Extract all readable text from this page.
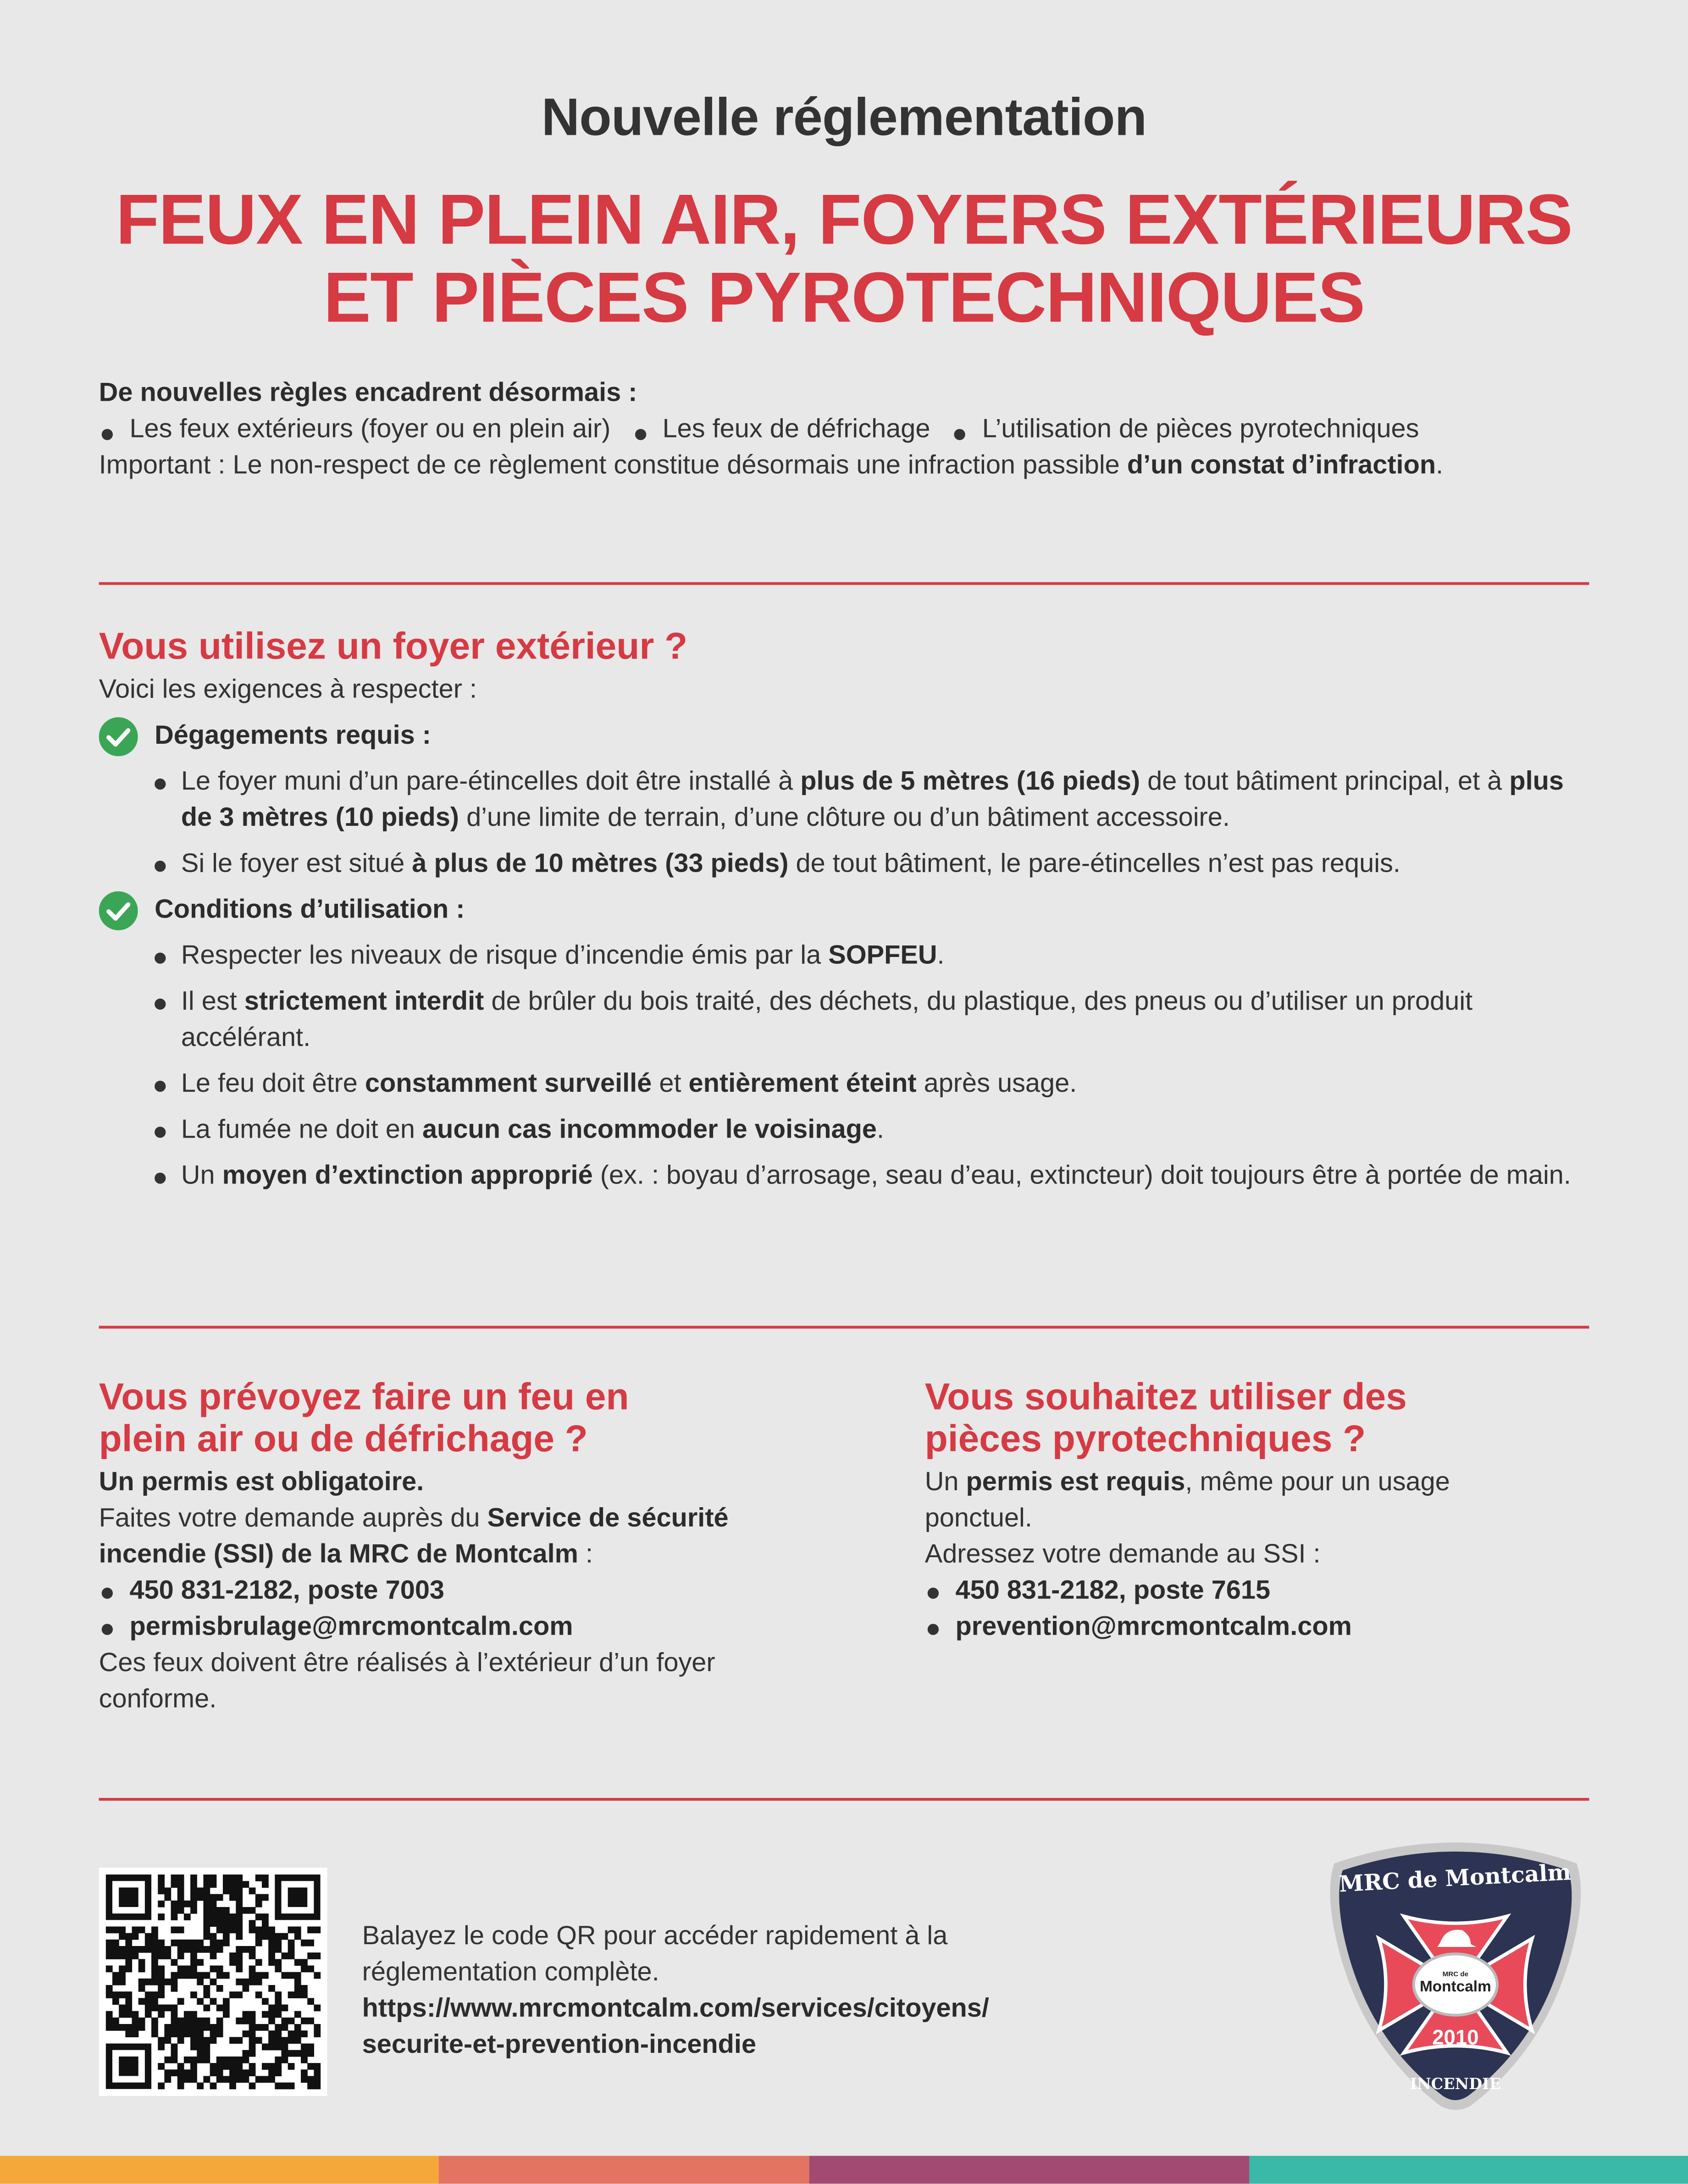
Nouvelle réglementation
FEUX EN PLEIN AIR, FOYERS EXTÉRIEURS
ET PIÈCES PYROTECHNIQUES

De nouvelles règles encadrent désormais :

Les feux extérieurs (foyer ou en plein air)	Les feux de défrichage	L’utilisation de pièces pyrotechniques

Important : Le non-respect de ce règlement constitue désormais une infraction passible d’un constat d’infraction.

Vous utilisez un foyer extérieur ?

Voici les exigences à respecter :

Dégagements requis :
Le foyer muni d’un pare-étincelles doit être installé à plus de 5 mètres (16 pieds) de tout bâtiment principal, et à plus de 3 mètres (10 pieds) d’une limite de terrain, d’une clôture ou d’un bâtiment accessoire.
Si le foyer est situé à plus de 10 mètres (33 pieds) de tout bâtiment, le pare-étincelles n’est pas requis.
Conditions d’utilisation :
Respecter les niveaux de risque d’incendie émis par la SOPFEU.
Il est strictement interdit de brûler du bois traité, des déchets, du plastique, des pneus ou d’utiliser un produit accélérant.
Le feu doit être constamment surveillé et entièrement éteint après usage.
La fumée ne doit en aucun cas incommoder le voisinage.
Un moyen d’extinction approprié (ex. : boyau d’arrosage, seau d’eau, extincteur) doit toujours être à portée de main.
Vous prévoyez faire un feu en
plein air ou de défrichage ?

Un permis est obligatoire.

Faites votre demande auprès du Service de sécurité incendie (SSI) de la MRC de Montcalm :

450 831-2182, poste 7003

permisbrulage@mrcmontcalm.com

Ces feux doivent être réalisés à l’extérieur d’un foyer conforme.

Vous souhaitez utiliser des
pièces pyrotechniques ?

Un permis est requis, même pour un usage ponctuel.

Adressez votre demande au SSI :

450 831-2182, poste 7615

prevention@mrcmontcalm.com

Balayez le code QR pour accéder rapidement à la réglementation complète.

https://www.mrcmontcalm.com/services/citoyens/
securite-et-prevention-incendie

MRC de Montcalm
MRC de
Montcalm
2010
INCENDIE
